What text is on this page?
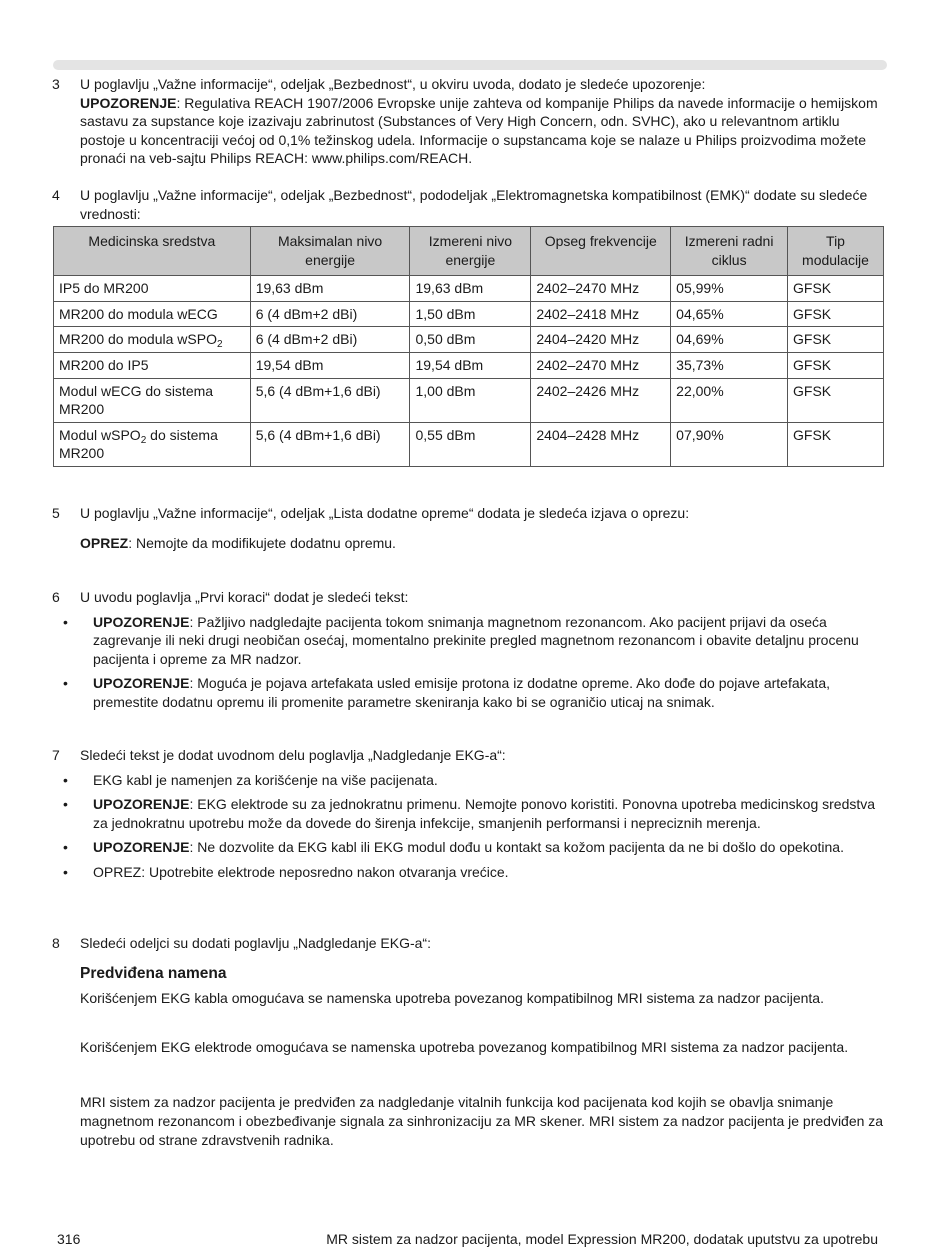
3	U poglavlju „Važne informacije“, odeljak „Bezbednost“, u okviru uvoda, dodato je sledeće upozorenje:
UPOZORENJE: Regulativa REACH 1907/2006 Evropske unije zahteva od kompanije Philips da navede informacije o hemijskom sastavu za supstance koje izazivaju zabrinutost (Substances of Very High Concern, odn. SVHC), ako u relevantnom artiklu postoje u koncentraciji većoj od 0,1% težinskog udela. Informacije o supstancama koje se nalaze u Philips proizvodima možete pronaći na veb-sajtu Philips REACH: www.philips.com/REACH.
4	U poglavlju „Važne informacije“, odeljak „Bezbednost“, pododeljak „Elektromagnetska kompatibilnost (EMK)“ dodate su sledeće vrednosti:
Medicinska sredstva	Maksimalan nivo energije	Izmereni nivo energije	Opseg frekvencije	Izmereni radni ciklus	Tip modulacije
IP5 do MR200	19,63 dBm	19,63 dBm	2402–2470 MHz	05,99%	GFSK
MR200 do modula wECG	6 (4 dBm+2 dBi)	1,50 dBm	2402–2418 MHz	04,65%	GFSK
MR200 do modula wSPO$_2$	6 (4 dBm+2 dBi)	0,50 dBm	2404–2420 MHz	04,69%	GFSK
MR200 do IP5	19,54 dBm	19,54 dBm	2402–2470 MHz	35,73%	GFSK
Modul wECG do sistema MR200	5,6 (4 dBm+1,6 dBi)	1,00 dBm	2402–2426 MHz	22,00%	GFSK
Modul wSPO$_2$ do sistema MR200	5,6 (4 dBm+1,6 dBi)	0,55 dBm	2404–2428 MHz	07,90%	GFSK
5	U poglavlju „Važne informacije“, odeljak „Lista dodatne opreme“ dodata je sledeća izjava o oprezu:
OPREZ: Nemojte da modifikujete dodatnu opremu.
6	U uvodu poglavlja „Prvi koraci“ dodat je sledeći tekst:
• UPOZORENJE: Pažljivo nadgledajte pacijenta tokom snimanja magnetnom rezonancom. Ako pacijent prijavi da oseća zagrevanje ili neki drugi neobičan osećaj, momentalno prekinite pregled magnetnom rezonancom i obavite detaljnu procenu pacijenta i opreme za MR nadzor.
• UPOZORENJE: Moguća je pojava artefakata usled emisije protona iz dodatne opreme. Ako dođe do pojave artefakata, premestite dodatnu opremu ili promenite parametre skeniranja kako bi se ograničio uticaj na snimak.
7	Sledeći tekst je dodat uvodnom delu poglavlja „Nadgledanje EKG-a“:
• EKG kabl je namenjen za korišćenje na više pacijenata.
• UPOZORENJE: EKG elektrode su za jednokratnu primenu. Nemojte ponovo koristiti. Ponovna upotreba medicinskog sredstva za jednokratnu upotrebu može da dovede do širenja infekcije, smanjenih performansi i nepreciznih merenja.
• UPOZORENJE: Ne dozvolite da EKG kabl ili EKG modul dođu u kontakt sa kožom pacijenta da ne bi došlo do opekotina.
• OPREZ: Upotrebite elektrode neposredno nakon otvaranja vrećice.
8	Sledeći odeljci su dodati poglavlju „Nadgledanje EKG-a“:
Predviđena namena
Korišćenjem EKG kabla omogućava se namenska upotreba povezanog kompatibilnog MRI sistema za nadzor pacijenta.
Korišćenjem EKG elektrode omogućava se namenska upotreba povezanog kompatibilnog MRI sistema za nadzor pacijenta.
MRI sistem za nadzor pacijenta je predviđen za nadgledanje vitalnih funkcija kod pacijenata kod kojih se obavlja snimanje magnetnom rezonancom i obezbeđivanje signala za sinhronizaciju za MR skener. MRI sistem za nadzor pacijenta je predviđen za upotrebu od strane zdravstvenih radnika.
316	MR sistem za nadzor pacijenta, model Expression MR200, dodatak uputstvu za upotrebu
